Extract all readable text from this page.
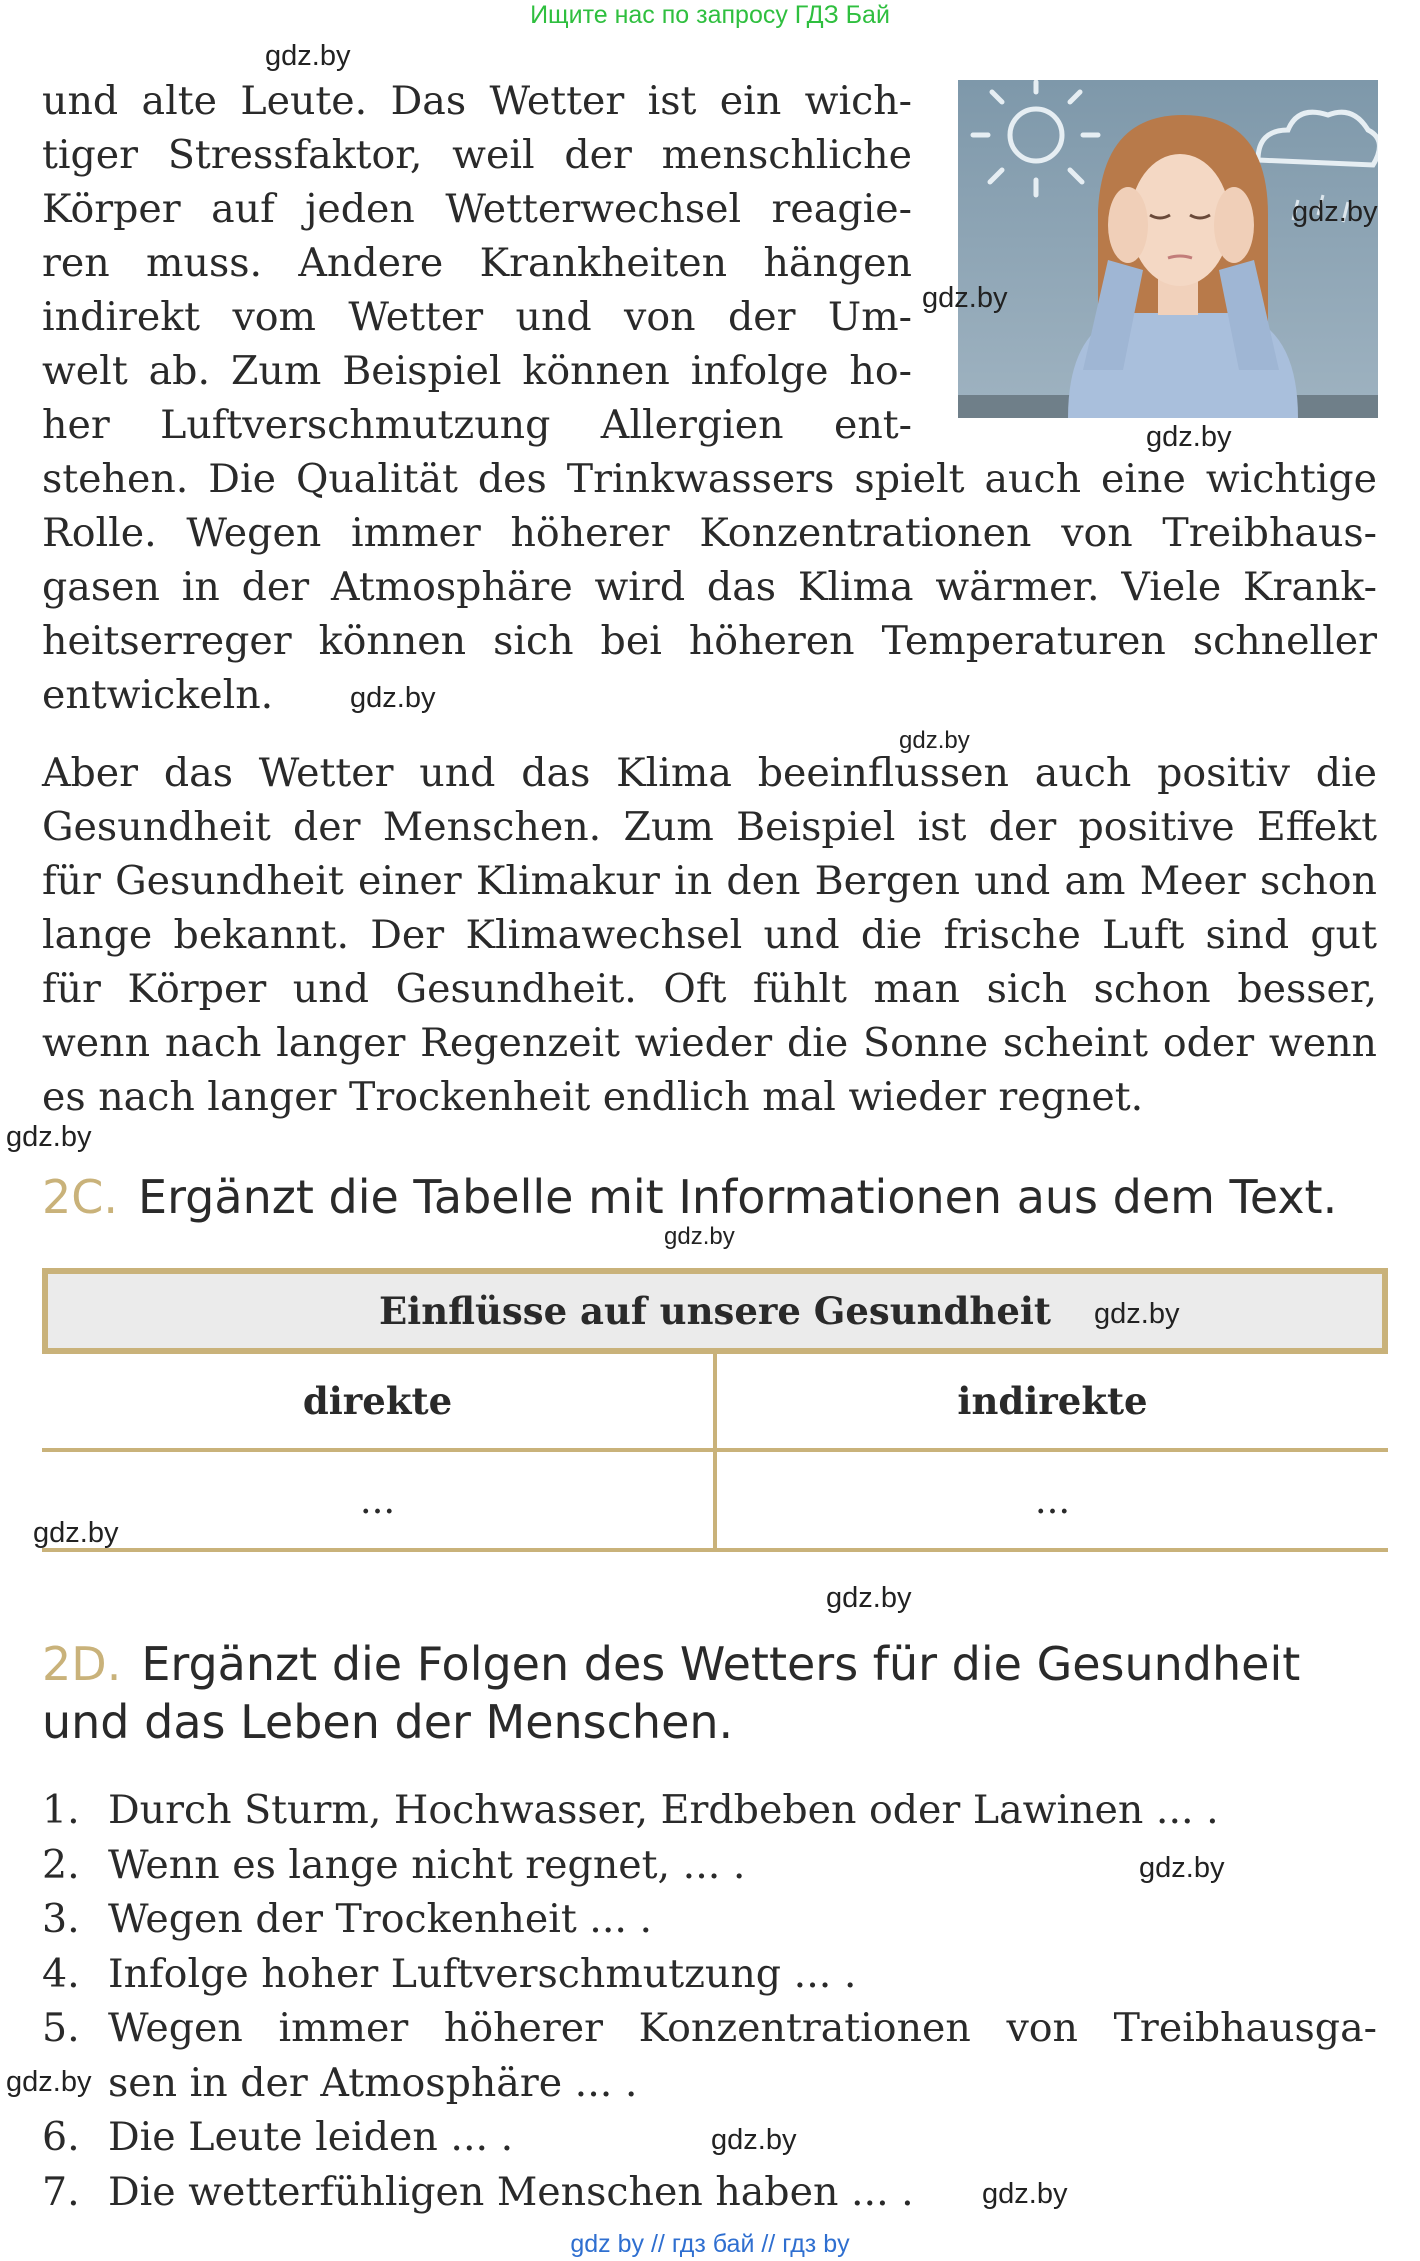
Ищите нас по запросу ГДЗ Бай
und alte Leute. Das Wetter ist ein wich-
tiger Stressfaktor, weil der menschliche
Körper auf jeden Wetterwechsel reagie-
ren muss. Andere Krankheiten hängen
indirekt vom Wetter und von der Um-
welt ab. Zum Beispiel können infolge ho-
her Luftverschmutzung Allergien ent-
stehen. Die Qualität des Trinkwassers spielt auch eine wichtige
Rolle. Wegen immer höherer Konzentrationen von Treibhaus-
gasen in der Atmosphäre wird das Klima wärmer. Viele Krank-
heitserreger können sich bei höheren Temperaturen schneller
entwickeln.
Aber das Wetter und das Klima beeinflussen auch positiv die
Gesundheit der Menschen. Zum Beispiel ist der positive Effekt
für Gesundheit einer Klimakur in den Bergen und am Meer schon
lange bekannt. Der Klimawechsel und die frische Luft sind gut
für Körper und Gesundheit. Oft fühlt man sich schon besser,
wenn nach langer Regenzeit wieder die Sonne scheint oder wenn
es nach langer Trockenheit endlich mal wieder regnet.
2C. Ergänzt die Tabelle mit Informationen aus dem Text.
Einflüsse auf unsere Gesundheit
direkte	indirekte
...	...
2D. Ergänzt die Folgen des Wetters für die Gesundheit und das Leben der Menschen.
1. Durch Sturm, Hochwasser, Erdbeben oder Lawinen ... .
2. Wenn es lange nicht regnet, ... .
3. Wegen der Trockenheit ... .
4. Infolge hoher Luftverschmutzung ... .
5. Wegen immer höherer Konzentrationen von Treibhausga-
sen in der Atmosphäre ... .
6. Die Leute leiden ... .
7. Die wetterfühligen Menschen haben ... .
gdz.by
gdz.by
gdz.by
gdz.by
gdz.by
gdz.by
gdz.by
gdz.by
gdz.by
gdz.by
gdz.by
gdz.by
gdz.by
gdz.by
gdz.by
gdz by // гдз бай // гдз by
